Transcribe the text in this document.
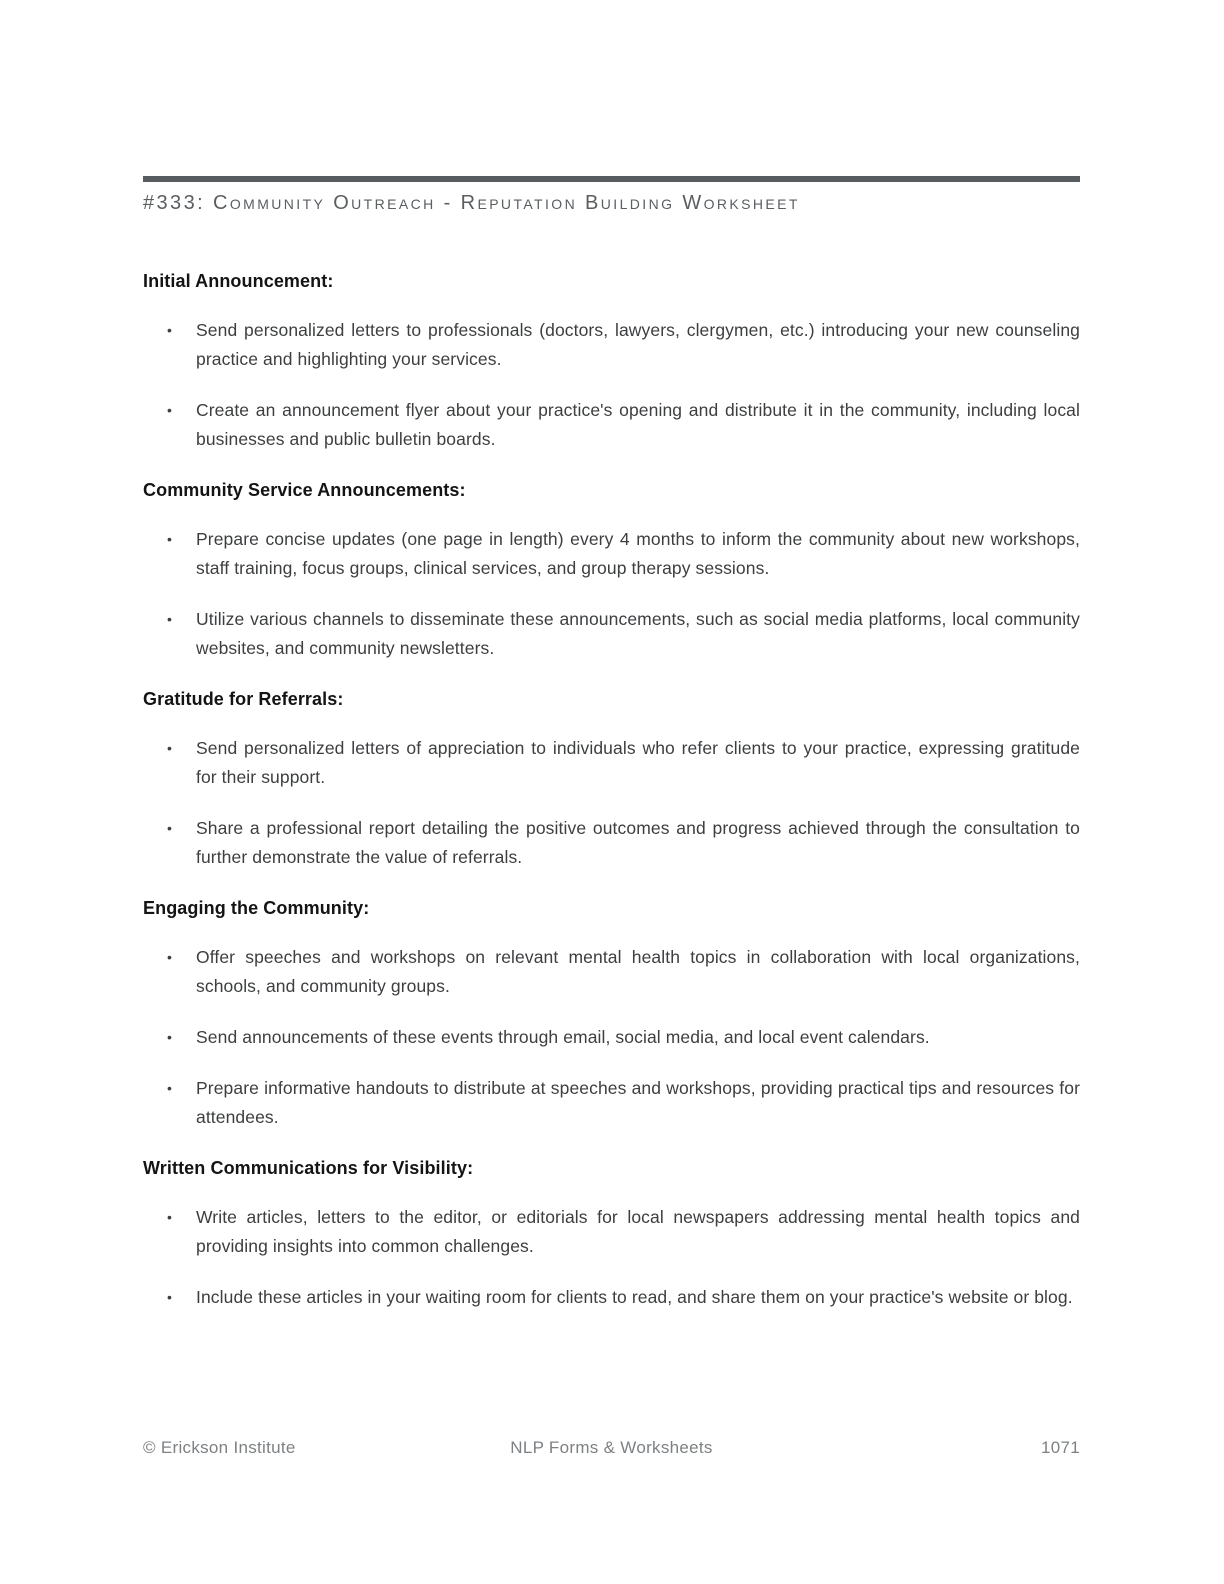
#333: Community Outreach - Reputation Building Worksheet
Initial Announcement:
• Send personalized letters to professionals (doctors, lawyers, clergymen, etc.) introducing your new counseling practice and highlighting your services.
• Create an announcement flyer about your practice's opening and distribute it in the community, including local businesses and public bulletin boards.
Community Service Announcements:
• Prepare concise updates (one page in length) every 4 months to inform the community about new workshops, staff training, focus groups, clinical services, and group therapy sessions.
• Utilize various channels to disseminate these announcements, such as social media platforms, local community websites, and community newsletters.
Gratitude for Referrals:
• Send personalized letters of appreciation to individuals who refer clients to your practice, expressing gratitude for their support.
• Share a professional report detailing the positive outcomes and progress achieved through the consultation to further demonstrate the value of referrals.
Engaging the Community:
• Offer speeches and workshops on relevant mental health topics in collaboration with local organizations, schools, and community groups.
• Send announcements of these events through email, social media, and local event calendars.
• Prepare informative handouts to distribute at speeches and workshops, providing practical tips and resources for attendees.
Written Communications for Visibility:
• Write articles, letters to the editor, or editorials for local newspapers addressing mental health topics and providing insights into common challenges.
• Include these articles in your waiting room for clients to read, and share them on your practice's website or blog.
© Erickson Institute	NLP Forms & Worksheets	1071
